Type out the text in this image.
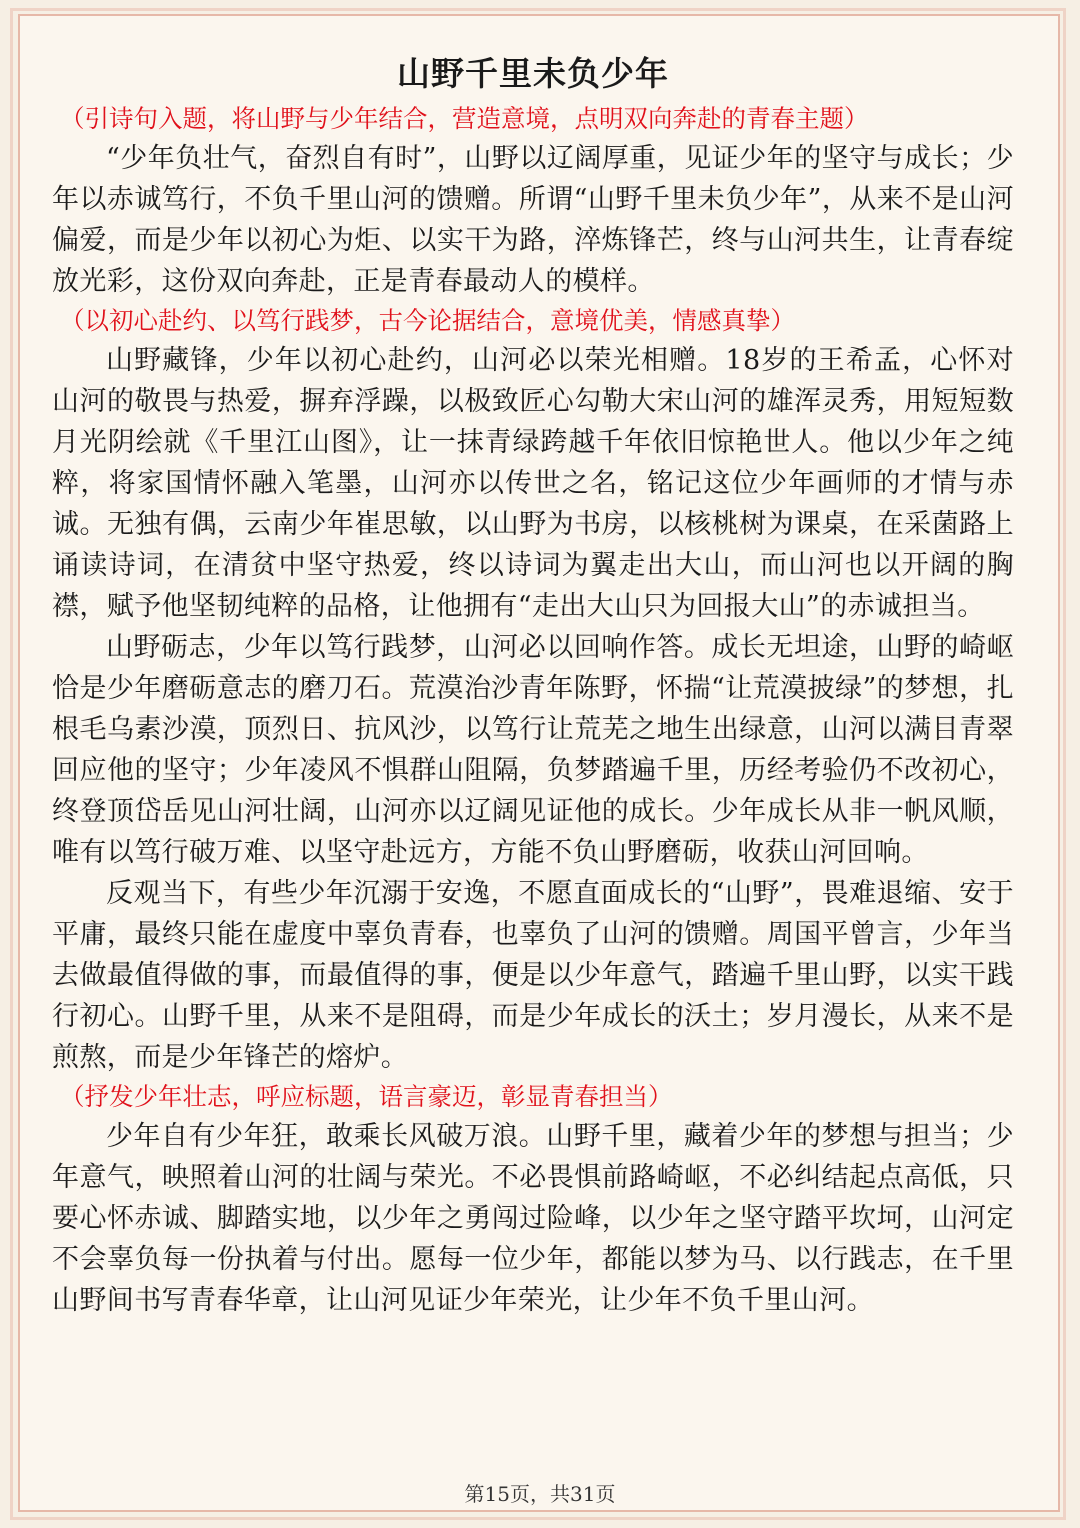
山野千里未负少年

（引诗句入题，将山野与少年结合，营造意境，点明双向奔赴的青春主题）

“少年负壮气，奋烈自有时”，山野以辽阔厚重，见证少年的坚守与成长；少年以赤诚笃行，不负千里山河的馈赠。所谓“山野千里未负少年”，从来不是山河偏爱，而是少年以初心为炬、以实干为路，淬炼锋芒，终与山河共生，让青春绽放光彩，这份双向奔赴，正是青春最动人的模样。

（以初心赴约、以笃行践梦，古今论据结合，意境优美，情感真挚）

山野藏锋，少年以初心赴约，山河必以荣光相赠。18岁的王希孟，心怀对山河的敬畏与热爱，摒弃浮躁，以极致匠心勾勒大宋山河的雄浑灵秀，用短短数月光阴绘就《千里江山图》，让一抹青绿跨越千年依旧惊艳世人。他以少年之纯粹，将家国情怀融入笔墨，山河亦以传世之名，铭记这位少年画师的才情与赤诚。无独有偶，云南少年崔思敏，以山野为书房，以核桃树为课桌，在采菌路上诵读诗词，在清贫中坚守热爱，终以诗词为翼走出大山，而山河也以开阔的胸襟，赋予他坚韧纯粹的品格，让他拥有“走出大山只为回报大山”的赤诚担当。

山野砺志，少年以笃行践梦，山河必以回响作答。成长无坦途，山野的崎岖恰是少年磨砺意志的磨刀石。荒漠治沙青年陈野，怀揣“让荒漠披绿”的梦想，扎根毛乌素沙漠，顶烈日、抗风沙，以笃行让荒芜之地生出绿意，山河以满目青翠回应他的坚守；少年凌风不惧群山阻隔，负梦踏遍千里，历经考验仍不改初心，终登顶岱岳见山河壮阔，山河亦以辽阔见证他的成长。少年成长从非一帆风顺，唯有以笃行破万难、以坚守赴远方，方能不负山野磨砺，收获山河回响。

反观当下，有些少年沉溺于安逸，不愿直面成长的“山野”，畏难退缩、安于平庸，最终只能在虚度中辜负青春，也辜负了山河的馈赠。周国平曾言，少年当去做最值得做的事，而最值得的事，便是以少年意气，踏遍千里山野，以实干践行初心。山野千里，从来不是阻碍，而是少年成长的沃土；岁月漫长，从来不是煎熬，而是少年锋芒的熔炉。

（抒发少年壮志，呼应标题，语言豪迈，彰显青春担当）

少年自有少年狂，敢乘长风破万浪。山野千里，藏着少年的梦想与担当；少年意气，映照着山河的壮阔与荣光。不必畏惧前路崎岖，不必纠结起点高低，只要心怀赤诚、脚踏实地，以少年之勇闯过险峰，以少年之坚守踏平坎坷，山河定不会辜负每一份执着与付出。愿每一位少年，都能以梦为马、以行践志，在千里山野间书写青春华章，让山河见证少年荣光，让少年不负千里山河。

第15页，共31页
